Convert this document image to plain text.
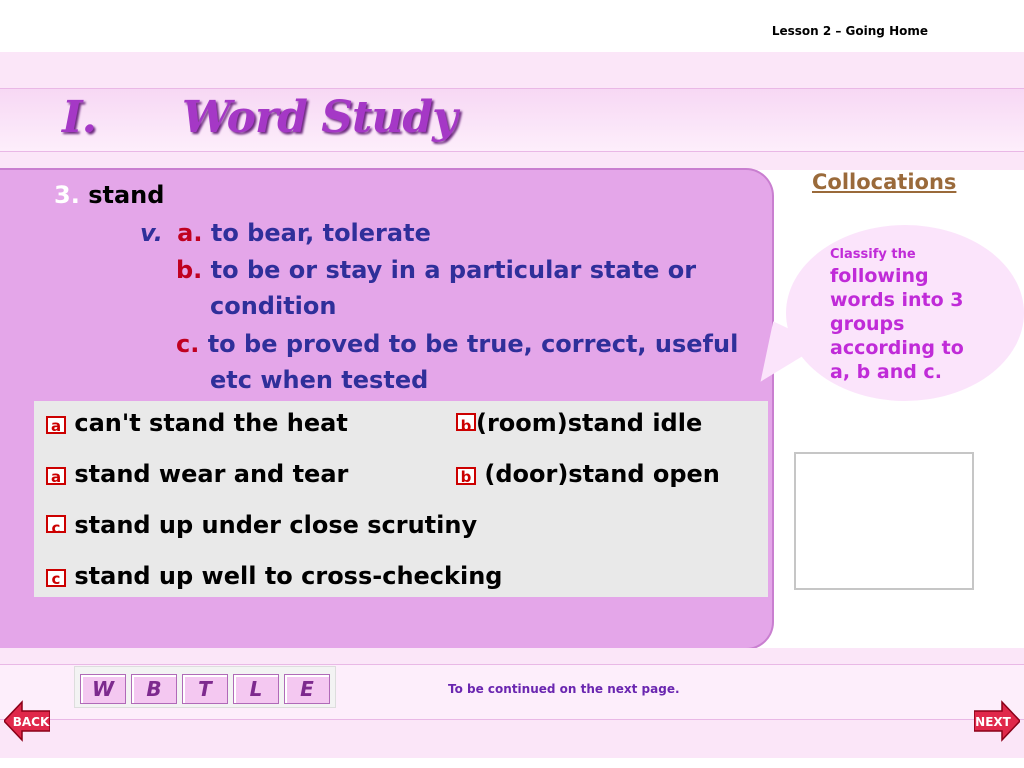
Lesson 2 – Going Home
I. Word Study
3. stand
v. a. to bear, tolerate
b. to be or stay in a particular state or
condition
c. to be proved to be true, correct, useful
etc when tested
a can't stand the heat	b (room)stand idle
a stand wear and tear	b (door)stand open
c stand up under close scrutiny
c stand up well to cross-checking
Collocations
Classify the
following words into 3 groups according to a, b and c.
W	B	T	L	E	To be continued on the next page.
BACK	NEXT
